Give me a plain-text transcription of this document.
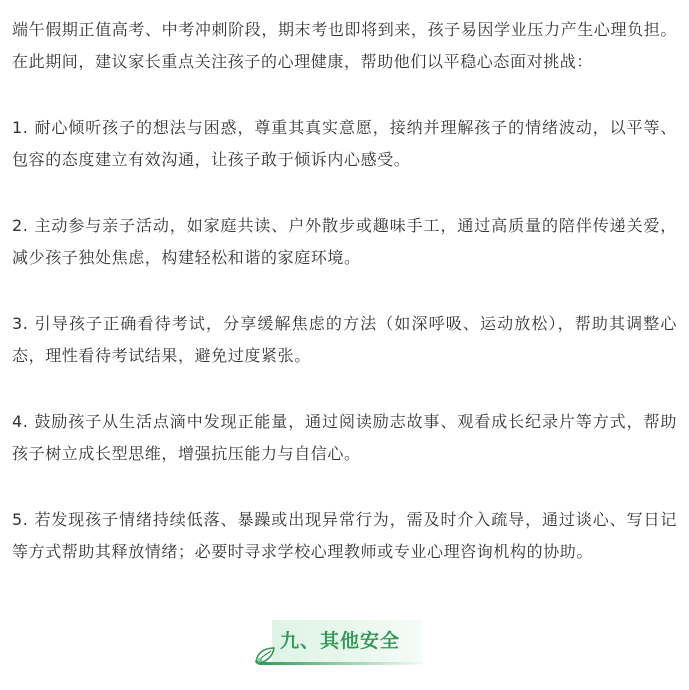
端午假期正值高考、中考冲刺阶段，期末考也即将到来，孩子易因学业压力产生心理负担。在此期间，建议家长重点关注孩子的心理健康，帮助他们以平稳心态面对挑战：

1. 耐心倾听孩子的想法与困惑，尊重其真实意愿，接纳并理解孩子的情绪波动，以平等、包容的态度建立有效沟通，让孩子敢于倾诉内心感受。

2. 主动参与亲子活动，如家庭共读、户外散步或趣味手工，通过高质量的陪伴传递关爱，减少孩子独处焦虑，构建轻松和谐的家庭环境。

3. 引导孩子正确看待考试，分享缓解焦虑的方法（如深呼吸、运动放松），帮助其调整心态，理性看待考试结果，避免过度紧张。

4. 鼓励孩子从生活点滴中发现正能量，通过阅读励志故事、观看成长纪录片等方式，帮助孩子树立成长型思维，增强抗压能力与自信心。

5. 若发现孩子情绪持续低落、暴躁或出现异常行为，需及时介入疏导，通过谈心、写日记等方式帮助其释放情绪；必要时寻求学校心理教师或专业心理咨询机构的协助。

九、其他安全
